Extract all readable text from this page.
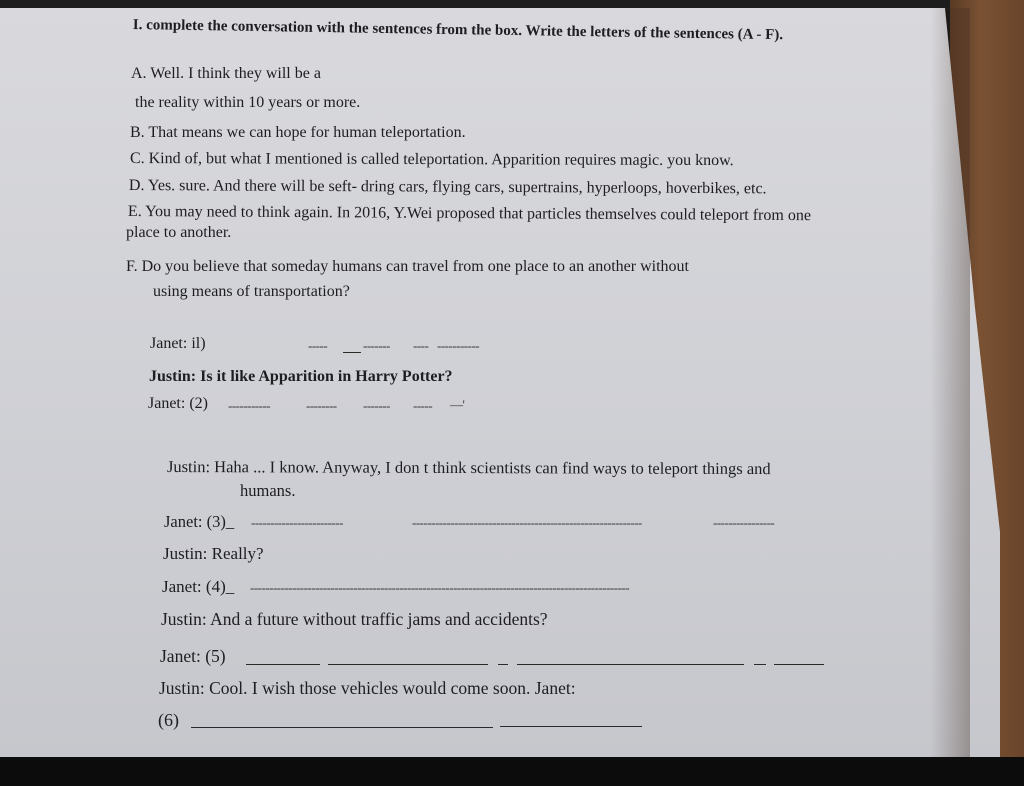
I. complete the conversation with the sentences from the box. Write the letters of the sentences (A - F).
A. Well. I think they will be a
the reality within 10 years or more.
B. That means we can hope for human teleportation.
C. Kind of, but what I mentioned is called teleportation. Apparition requires magic. you know.
D. Yes. sure. And there will be seft- dring cars, flying cars, supertrains, hyperloops, hoverbikes, etc.
E. You may need to think again. In 2016, Y.Wei proposed that particles themselves could teleport from one
place to another.
F. Do you believe that someday humans can travel from one place to an another without
using means of transportation?
Janet: il)	-----	------- ---- -----------
Justin: Is it like Apparition in Harry Potter?
Janet: (2) -----------	-------- ------- ----- —'
Justin: Haha ... I know. Anyway, I don t think scientists can find ways to teleport things and
humans.
Janet: (3)_ ------------------------	------------------------------------------------------------	----------------
Justin: Really?
Janet: (4)_ ---------------------------------------------------------------------------------------------------
Justin: And a future without traffic jams and accidents?
Janet: (5)
Justin: Cool. I wish those vehicles would come soon. Janet:
(6)
